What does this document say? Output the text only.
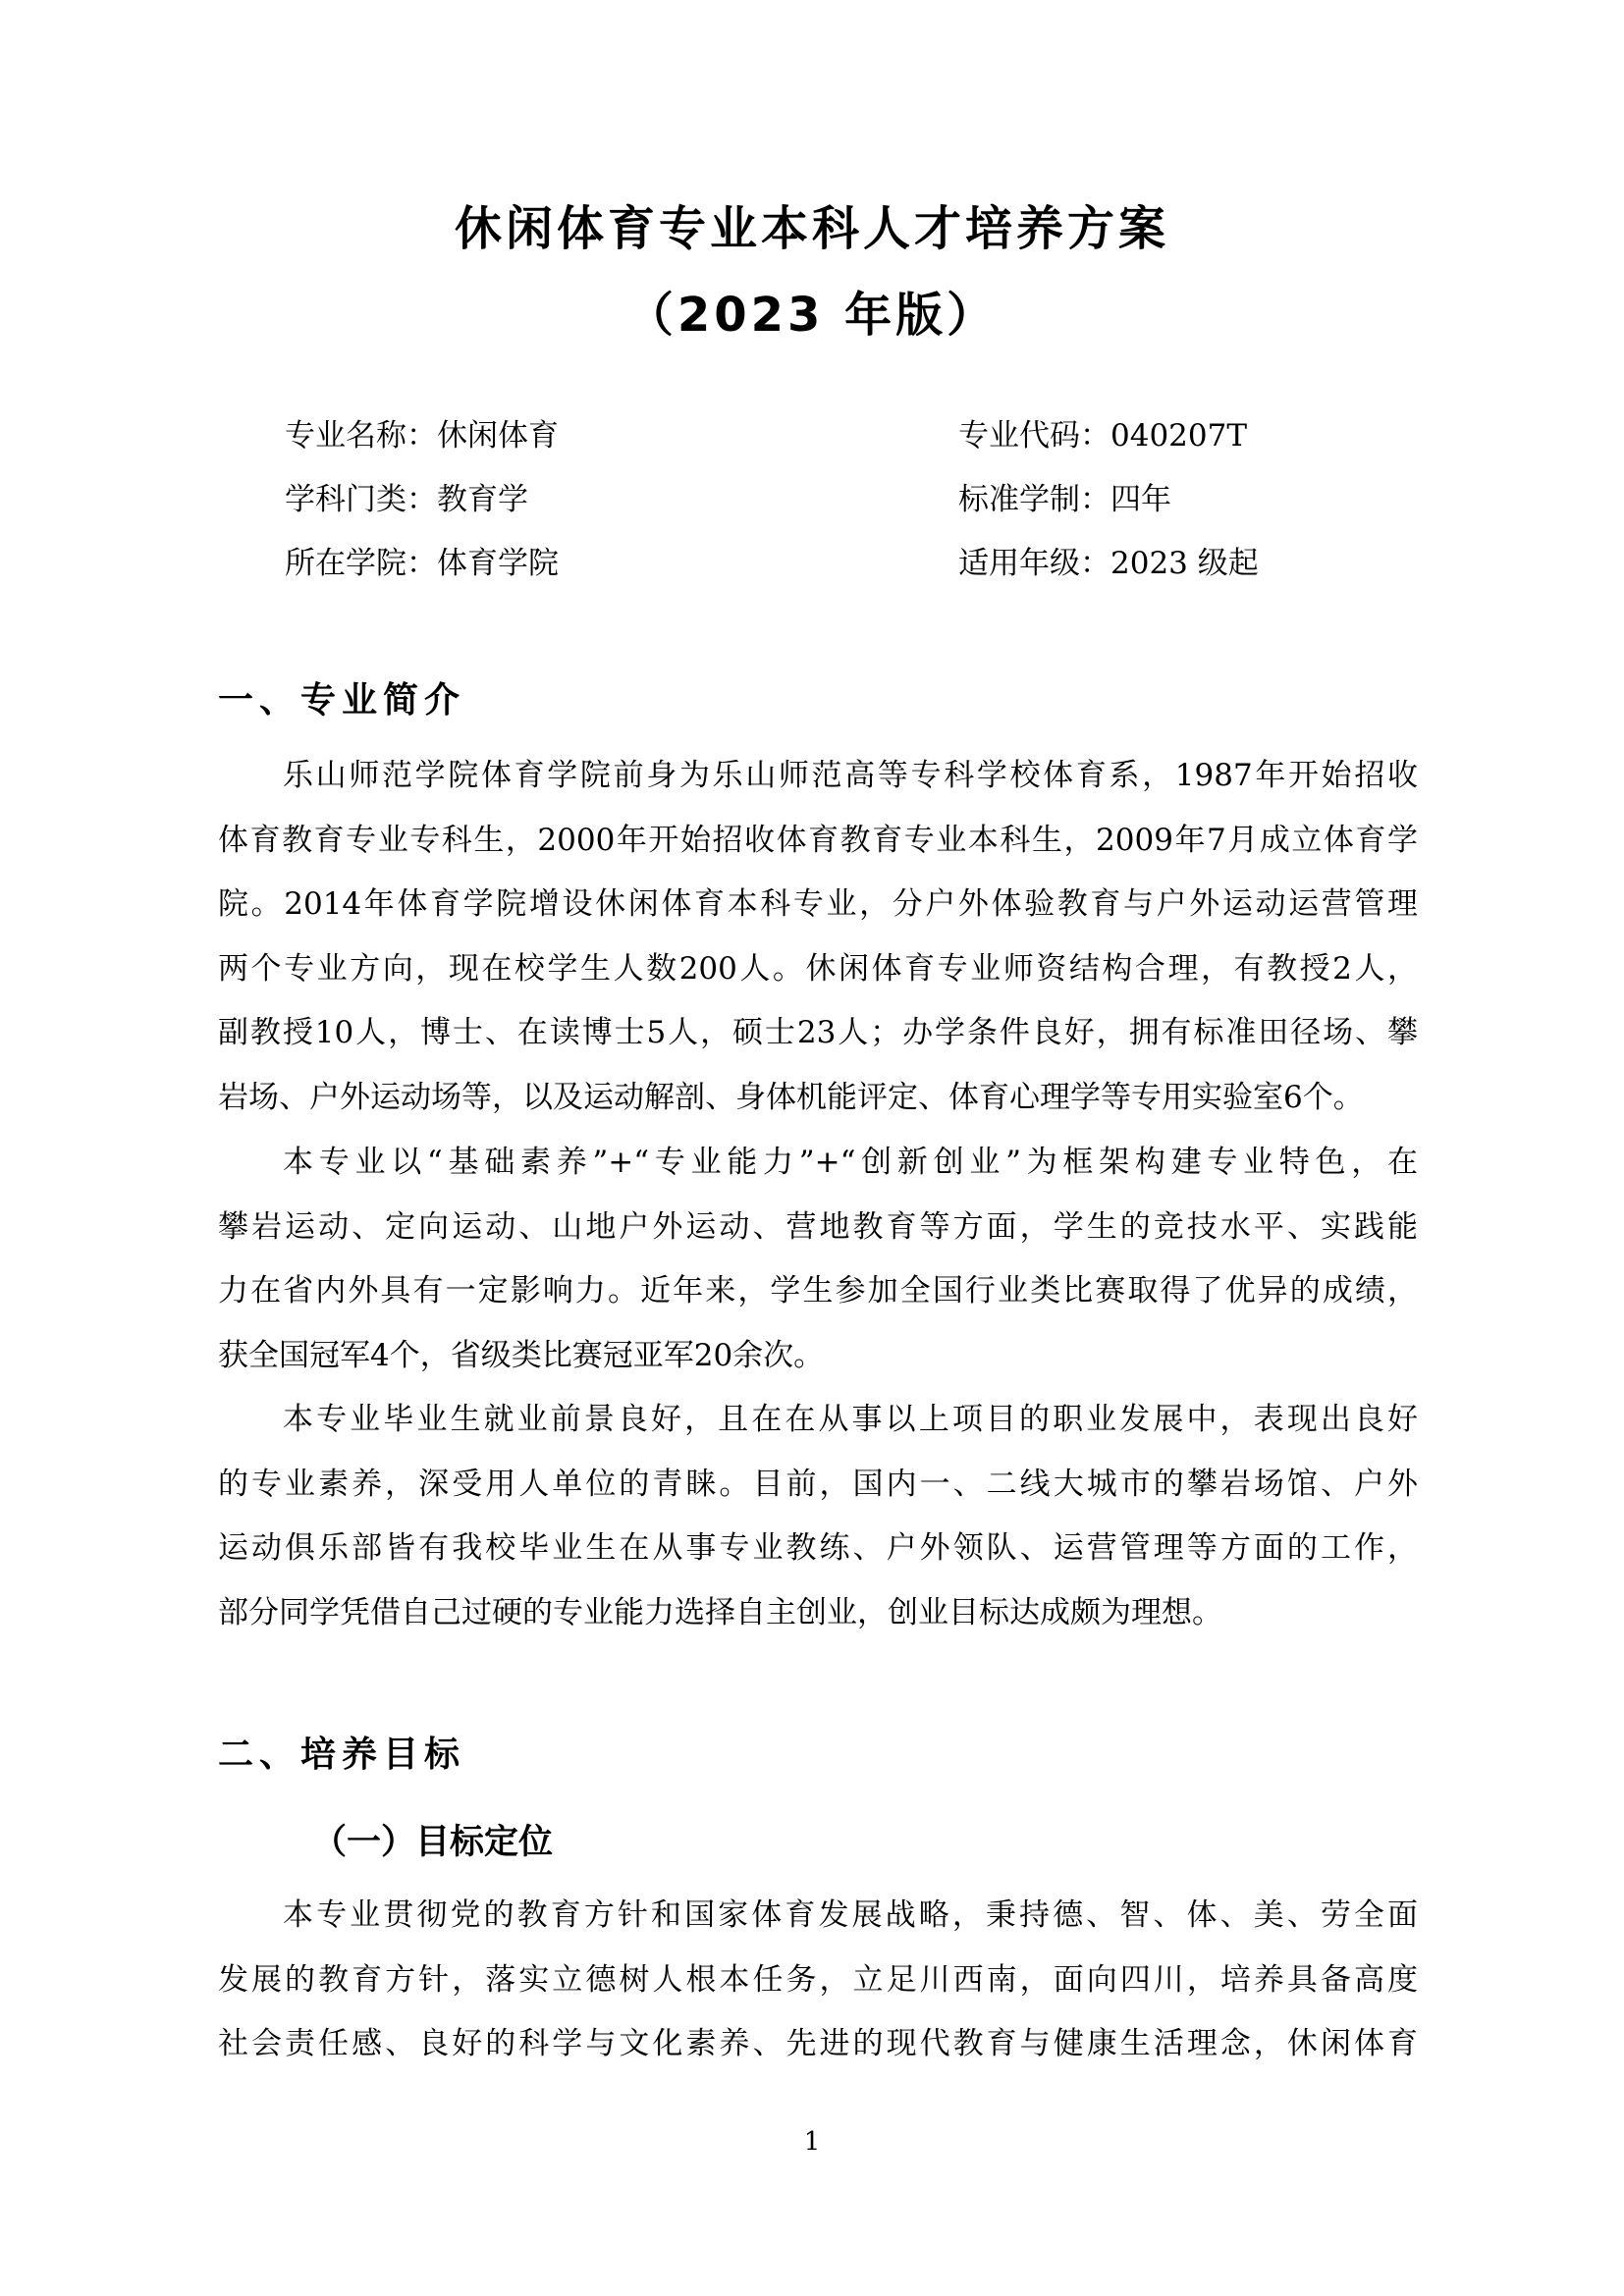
休闲体育专业本科人才培养方案
（2023 年版）
专业名称：休闲体育	专业代码：040207T
学科门类：教育学	标准学制：四年
所在学院：体育学院	适用年级：2023 级起
一、专业简介
乐山师范学院体育学院前身为乐山师范高等专科学校体育系，1987年开始招收
体育教育专业专科生，2000年开始招收体育教育专业本科生，2009年7月成立体育学
院。2014年体育学院增设休闲体育本科专业，分户外体验教育与户外运动运营管理
两个专业方向，现在校学生人数200人。休闲体育专业师资结构合理，有教授2人，
副教授10人，博士、在读博士5人，硕士23人；办学条件良好，拥有标准田径场、攀
岩场、户外运动场等，以及运动解剖、身体机能评定、体育心理学等专用实验室6个。
本专业以“基础素养”+“专业能力”+“创新创业”为框架构建专业特色，在
攀岩运动、定向运动、山地户外运动、营地教育等方面，学生的竞技水平、实践能
力在省内外具有一定影响力。近年来，学生参加全国行业类比赛取得了优异的成绩，
获全国冠军4个，省级类比赛冠亚军20余次。
本专业毕业生就业前景良好，且在在从事以上项目的职业发展中，表现出良好
的专业素养，深受用人单位的青睐。目前，国内一、二线大城市的攀岩场馆、户外
运动俱乐部皆有我校毕业生在从事专业教练、户外领队、运营管理等方面的工作，
部分同学凭借自己过硬的专业能力选择自主创业，创业目标达成颇为理想。
二、培养目标
（一）目标定位
本专业贯彻党的教育方针和国家体育发展战略，秉持德、智、体、美、劳全面
发展的教育方针，落实立德树人根本任务，立足川西南，面向四川，培养具备高度
社会责任感、良好的科学与文化素养、先进的现代教育与健康生活理念，休闲体育
1
